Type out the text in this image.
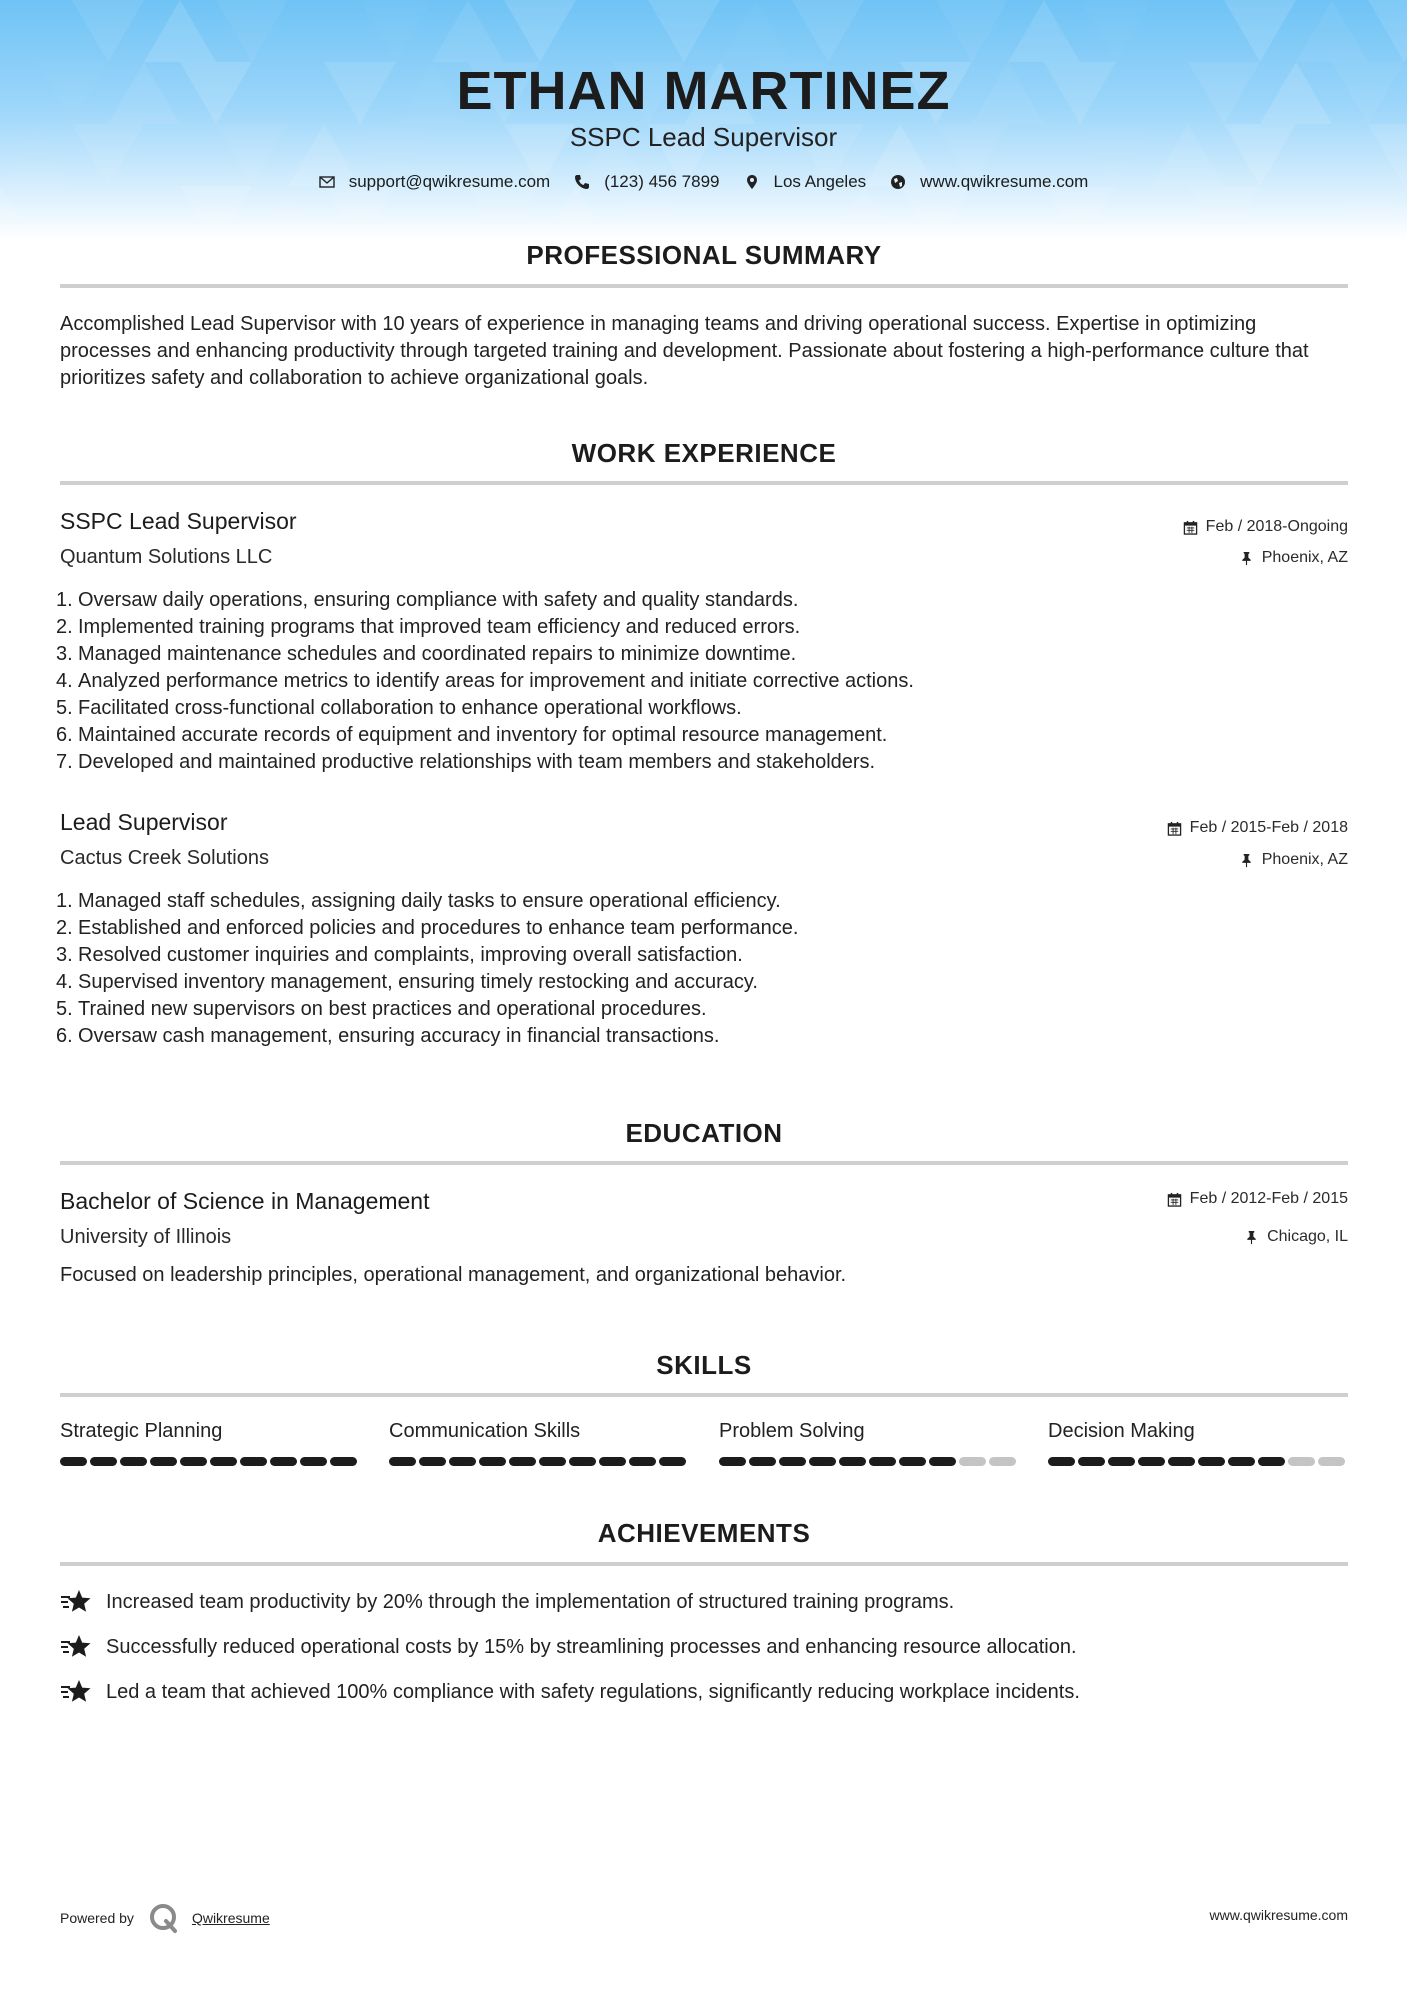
ETHAN MARTINEZ
SSPC Lead Supervisor
support@qwikresume.com	(123) 456 7899	Los Angeles	www.qwikresume.com
PROFESSIONAL SUMMARY
Accomplished Lead Supervisor with 10 years of experience in managing teams and driving operational success. Expertise in optimizing processes and enhancing productivity through targeted training and development. Passionate about fostering a high-performance culture that prioritizes safety and collaboration to achieve organizational goals.
WORK EXPERIENCE
SSPC Lead Supervisor	Feb / 2018-Ongoing
Quantum Solutions LLC	Phoenix, AZ
1. Oversaw daily operations, ensuring compliance with safety and quality standards.
2. Implemented training programs that improved team efficiency and reduced errors.
3. Managed maintenance schedules and coordinated repairs to minimize downtime.
4. Analyzed performance metrics to identify areas for improvement and initiate corrective actions.
5. Facilitated cross-functional collaboration to enhance operational workflows.
6. Maintained accurate records of equipment and inventory for optimal resource management.
7. Developed and maintained productive relationships with team members and stakeholders.
Lead Supervisor	Feb / 2015-Feb / 2018
Cactus Creek Solutions	Phoenix, AZ
1. Managed staff schedules, assigning daily tasks to ensure operational efficiency.
2. Established and enforced policies and procedures to enhance team performance.
3. Resolved customer inquiries and complaints, improving overall satisfaction.
4. Supervised inventory management, ensuring timely restocking and accuracy.
5. Trained new supervisors on best practices and operational procedures.
6. Oversaw cash management, ensuring accuracy in financial transactions.
EDUCATION
Bachelor of Science in Management	Feb / 2012-Feb / 2015
University of Illinois	Chicago, IL
Focused on leadership principles, operational management, and organizational behavior.
SKILLS
Strategic Planning	Communication Skills	Problem Solving	Decision Making
ACHIEVEMENTS
Increased team productivity by 20% through the implementation of structured training programs.
Successfully reduced operational costs by 15% by streamlining processes and enhancing resource allocation.
Led a team that achieved 100% compliance with safety regulations, significantly reducing workplace incidents.
Powered by	Qwikresume	www.qwikresume.com
